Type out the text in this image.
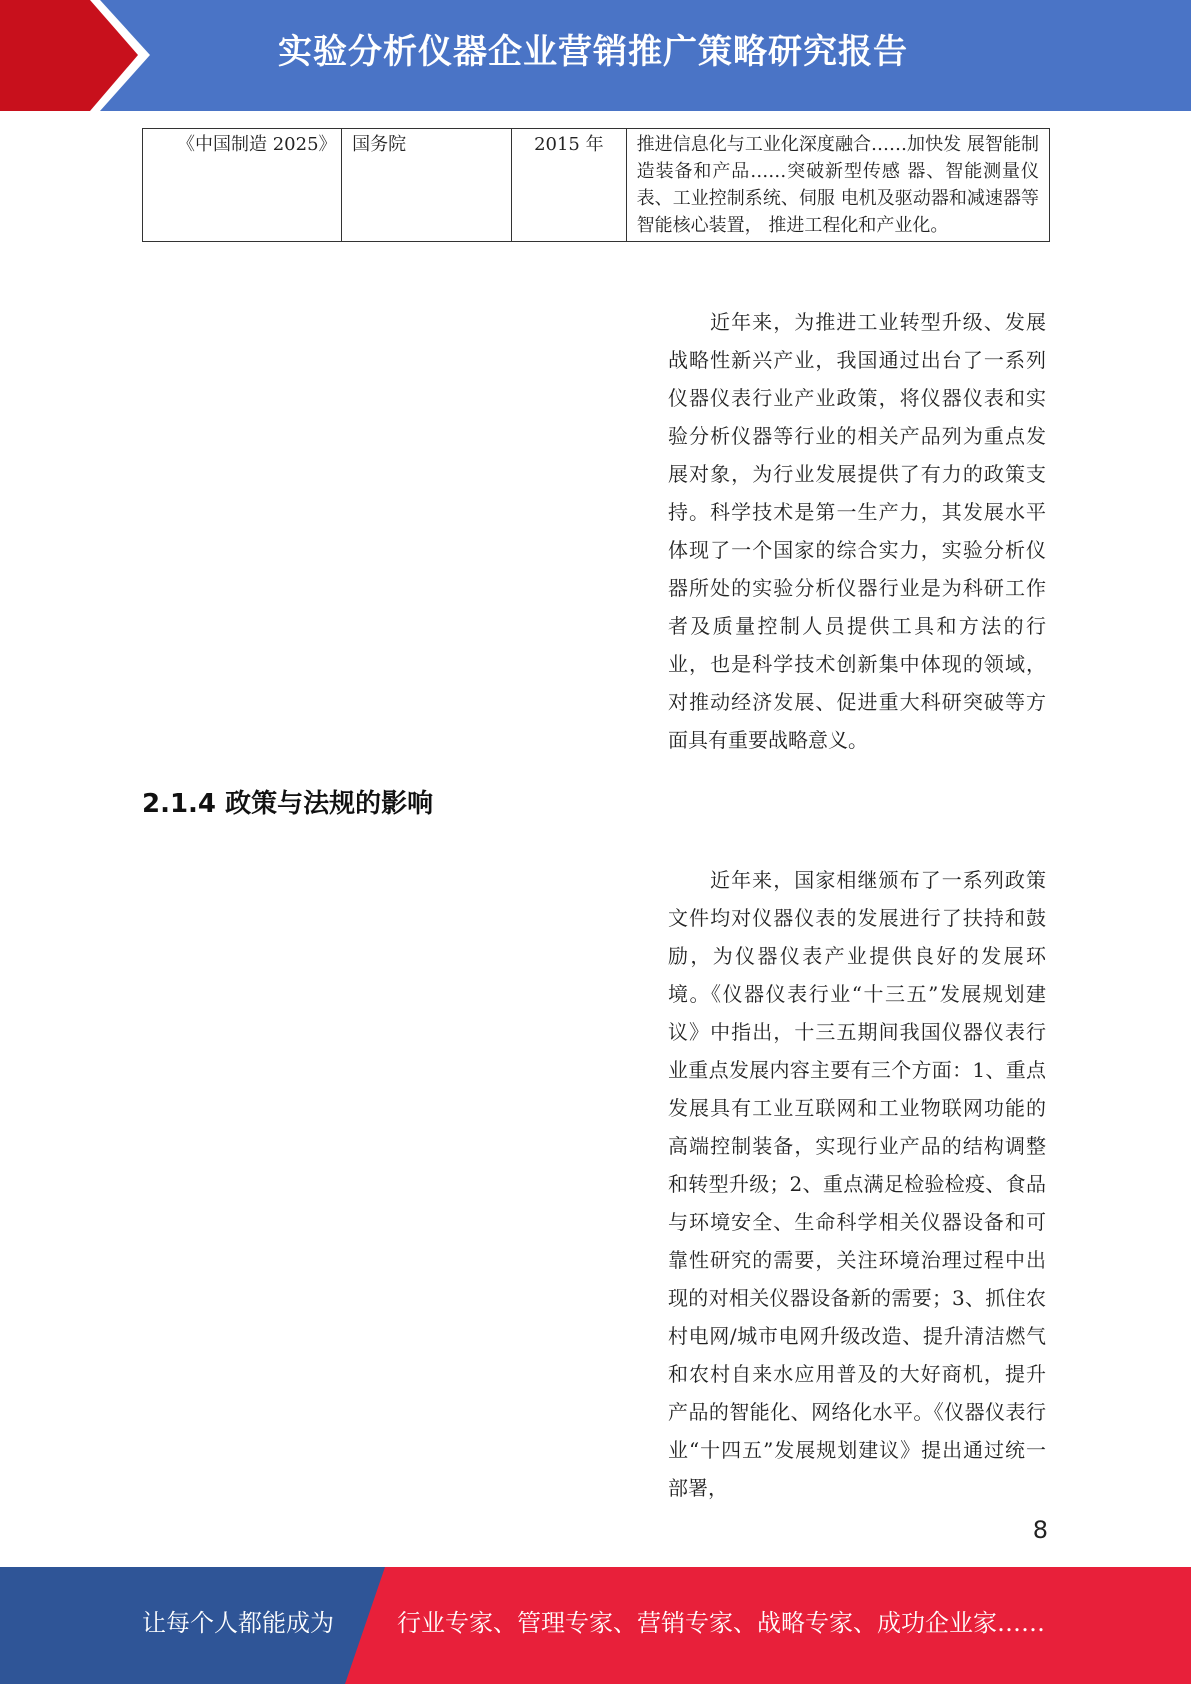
实验分析仪器企业营销推广策略研究报告
《中国制造 2025》	国务院	2015 年	推进信息化与工业化深度融合……加快发 展智能制造装备和产品……突破新型传感 器、智能测量仪表、工业控制系统、伺服 电机及驱动器和减速器等智能核心装置， 推进工程化和产业化。

近年来，为推进工业转型升级、发展战略性新兴产业，我国通过出台了一系列仪器仪表行业产业政策，将仪器仪表和实验分析仪器等行业的相关产品列为重点发展对象，为行业发展提供了有力的政策支持。科学技术是第一生产力，其发展水平体现了一个国家的综合实力，实验分析仪器所处的实验分析仪器行业是为科研工作者及质量控制人员提供工具和方法的行业，也是科学技术创新集中体现的领域，对推动经济发展、促进重大科研突破等方面具有重要战略意义。

2.1.4 政策与法规的影响

近年来，国家相继颁布了一系列政策文件均对仪器仪表的发展进行了扶持和鼓励，为仪器仪表产业提供良好的发展环境。《仪器仪表行业“十三五”发展规划建议》中指出，十三五期间我国仪器仪表行业重点发展内容主要有三个方面：1、重点发展具有工业互联网和工业物联网功能的高端控制装备，实现行业产品的结构调整和转型升级；2、重点满足检验检疫、食品与环境安全、生命科学相关仪器设备和可靠性研究的需要，关注环境治理过程中出现的对相关仪器设备新的需要；3、抓住农村电网/城市电网升级改造、提升清洁燃气和农村自来水应用普及的大好商机，提升产品的智能化、网络化水平。《仪器仪表行业“十四五”发展规划建议》提出通过统一部署，

8
让每个人都能成为	行业专家、管理专家、营销专家、战略专家、成功企业家……
